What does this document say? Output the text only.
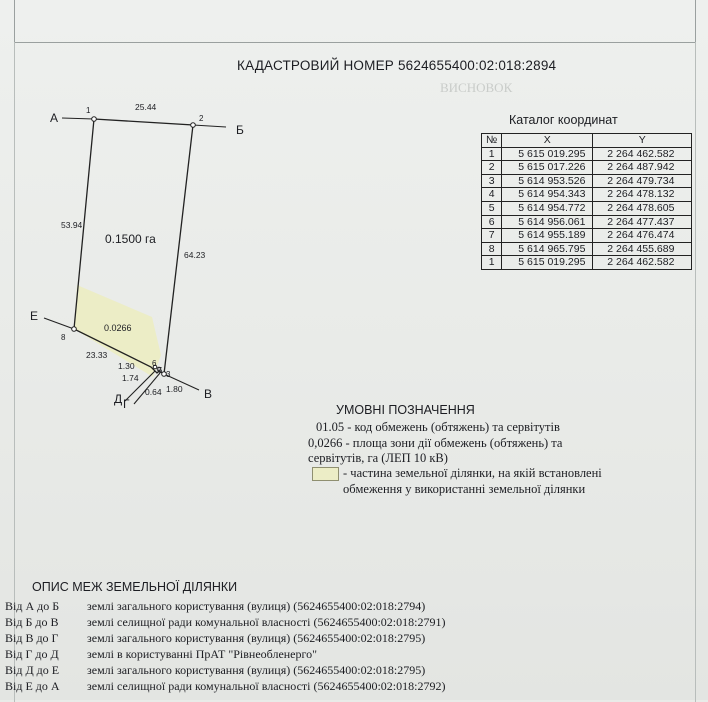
ВИСНОВОК
КАДАСТРОВИЙ НОМЕР 5624655400:02:018:2894
А
Б
Е
В
Д Г
1
2
8
6
5 3
25.44
53.94
64.23
23.33
1.30
1.74
0.64 1.80
0.1500 га
0.0266
Каталог координат
№	X	Y
1	5 615 019.295	2 264 462.582
2	5 615 017.226	2 264 487.942
3	5 614 953.526	2 264 479.734
4	5 614 954.343	2 264 478.132
5	5 614 954.772	2 264 478.605
6	5 614 956.061	2 264 477.437
7	5 614 955.189	2 264 476.474
8	5 614 965.795	2 264 455.689
1	5 615 019.295	2 264 462.582
УМОВНІ ПОЗНАЧЕННЯ
01.05 - код обмежень (обтяжень) та сервітутів
0,0266 - площа зони дії обмежень (обтяжень) та
сервітутів, га (ЛЕП 10 кВ)
- частина земельної ділянки, на якій встановлені
обмеження у використанні земельної ділянки
ОПИС МЕЖ ЗЕМЕЛЬНОЇ ДІЛЯНКИ
Від А до Б землі загального користування (вулиця) (5624655400:02:018:2794)
Від Б до В землі селищної ради комунальної власності (5624655400:02:018:2791)
Від В до Г землі загального користування (вулиця) (5624655400:02:018:2795)
Від Г до Д землі в користуванні ПрАТ "Рівнеобленерго"
Від Д до Е землі загального користування (вулиця) (5624655400:02:018:2795)
Від Е до А землі селищної ради комунальної власності (5624655400:02:018:2792)
